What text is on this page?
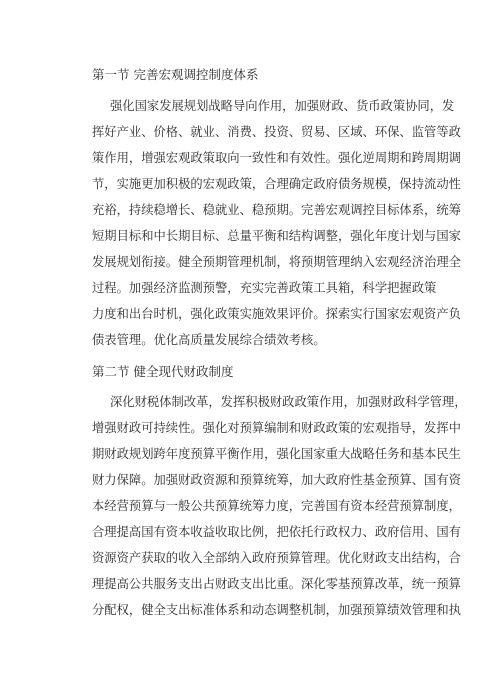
第一节 完善宏观调控制度体系
强化国家发展规划战略导向作用，加强财政、货币政策协同，发
挥好产业、价格、就业、消费、投资、贸易、区域、环保、监管等政
策作用，增强宏观政策取向一致性和有效性。强化逆周期和跨周期调
节，实施更加积极的宏观政策，合理确定政府债务规模，保持流动性
充裕，持续稳增长、稳就业、稳预期。完善宏观调控目标体系，统筹
短期目标和中长期目标、总量平衡和结构调整，强化年度计划与国家
发展规划衔接。健全预期管理机制，将预期管理纳入宏观经济治理全
过程。加强经济监测预警，充实完善政策工具箱，科学把握政策
力度和出台时机，强化政策实施效果评价。探索实行国家宏观资产负
债表管理。优化高质量发展综合绩效考核。
第二节 健全现代财政制度
深化财税体制改革，发挥积极财政政策作用，加强财政科学管理，
增强财政可持续性。强化对预算编制和财政政策的宏观指导，发挥中
期财政规划跨年度预算平衡作用，强化国家重大战略任务和基本民生
财力保障。加强财政资源和预算统筹，加大政府性基金预算、国有资
本经营预算与一般公共预算统筹力度，完善国有资本经营预算制度，
合理提高国有资本收益收取比例，把依托行政权力、政府信用、国有
资源资产获取的收入全部纳入政府预算管理。优化财政支出结构，合
理提高公共服务支出占财政支出比重。深化零基预算改革，统一预算
分配权，健全支出标准体系和动态调整机制，加强预算绩效管理和执
